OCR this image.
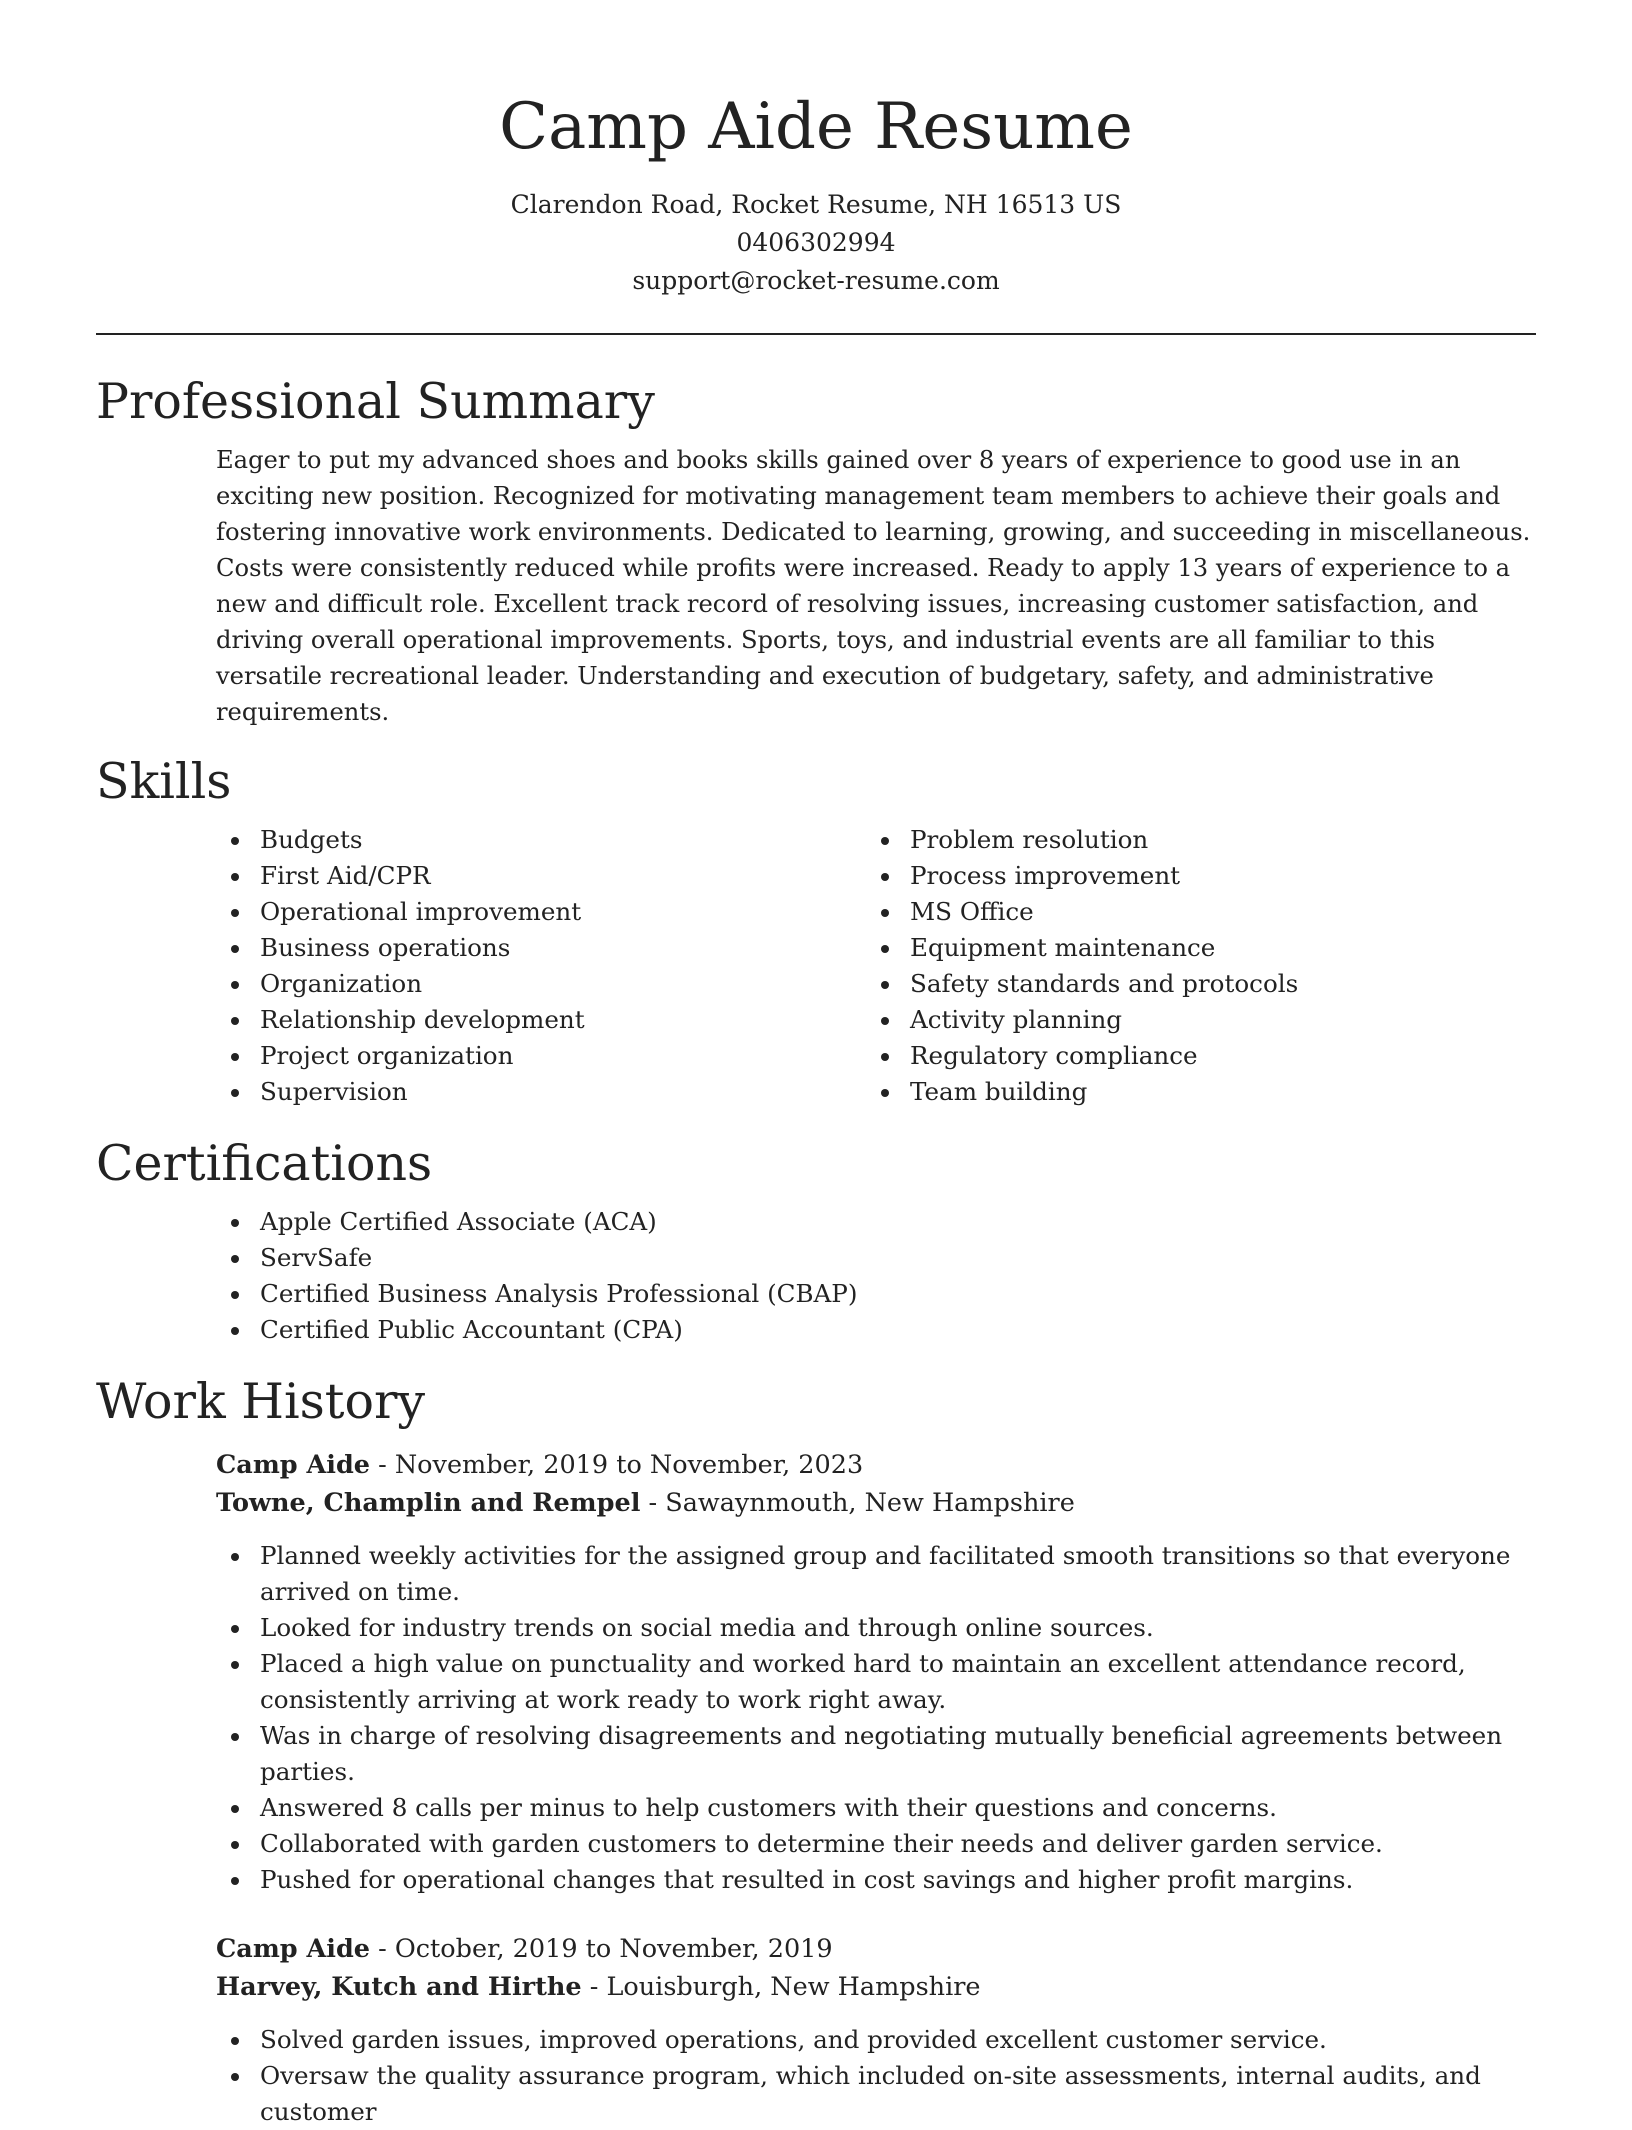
Camp Aide Resume
Clarendon Road, Rocket Resume, NH 16513 US
0406302994
support@rocket-resume.com
Professional Summary

Eager to put my advanced shoes and books skills gained over 8 years of experience to good use in an exciting new position. Recognized for motivating management team members to achieve their goals and fostering innovative work environments. Dedicated to learning, growing, and succeeding in miscellaneous. Costs were consistently reduced while profits were increased. Ready to apply 13 years of experience to a new and difficult role. Excellent track record of resolving issues, increasing customer satisfaction, and driving overall operational improvements. Sports, toys, and industrial events are all familiar to this versatile recreational leader. Understanding and execution of budgetary, safety, and administrative requirements.

Skills
Budgets
First Aid/CPR
Operational improvement
Business operations
Organization
Relationship development
Project organization
Supervision
Problem resolution
Process improvement
MS Office
Equipment maintenance
Safety standards and protocols
Activity planning
Regulatory compliance
Team building
Certifications
Apple Certified Associate (ACA)
ServSafe
Certified Business Analysis Professional (CBAP)
Certified Public Accountant (CPA)
Work History
Camp Aide - November, 2019 to November, 2023
Towne, Champlin and Rempel - Sawaynmouth, New Hampshire
Planned weekly activities for the assigned group and facilitated smooth transitions so that everyone arrived on time.
Looked for industry trends on social media and through online sources.
Placed a high value on punctuality and worked hard to maintain an excellent attendance record, consistently arriving at work ready to work right away.
Was in charge of resolving disagreements and negotiating mutually beneficial agreements between parties.
Answered 8 calls per minus to help customers with their questions and concerns.
Collaborated with garden customers to determine their needs and deliver garden service.
Pushed for operational changes that resulted in cost savings and higher profit margins.
Camp Aide - October, 2019 to November, 2019
Harvey, Kutch and Hirthe - Louisburgh, New Hampshire
Solved garden issues, improved operations, and provided excellent customer service.
Oversaw the quality assurance program, which included on-site assessments, internal audits, and customer
